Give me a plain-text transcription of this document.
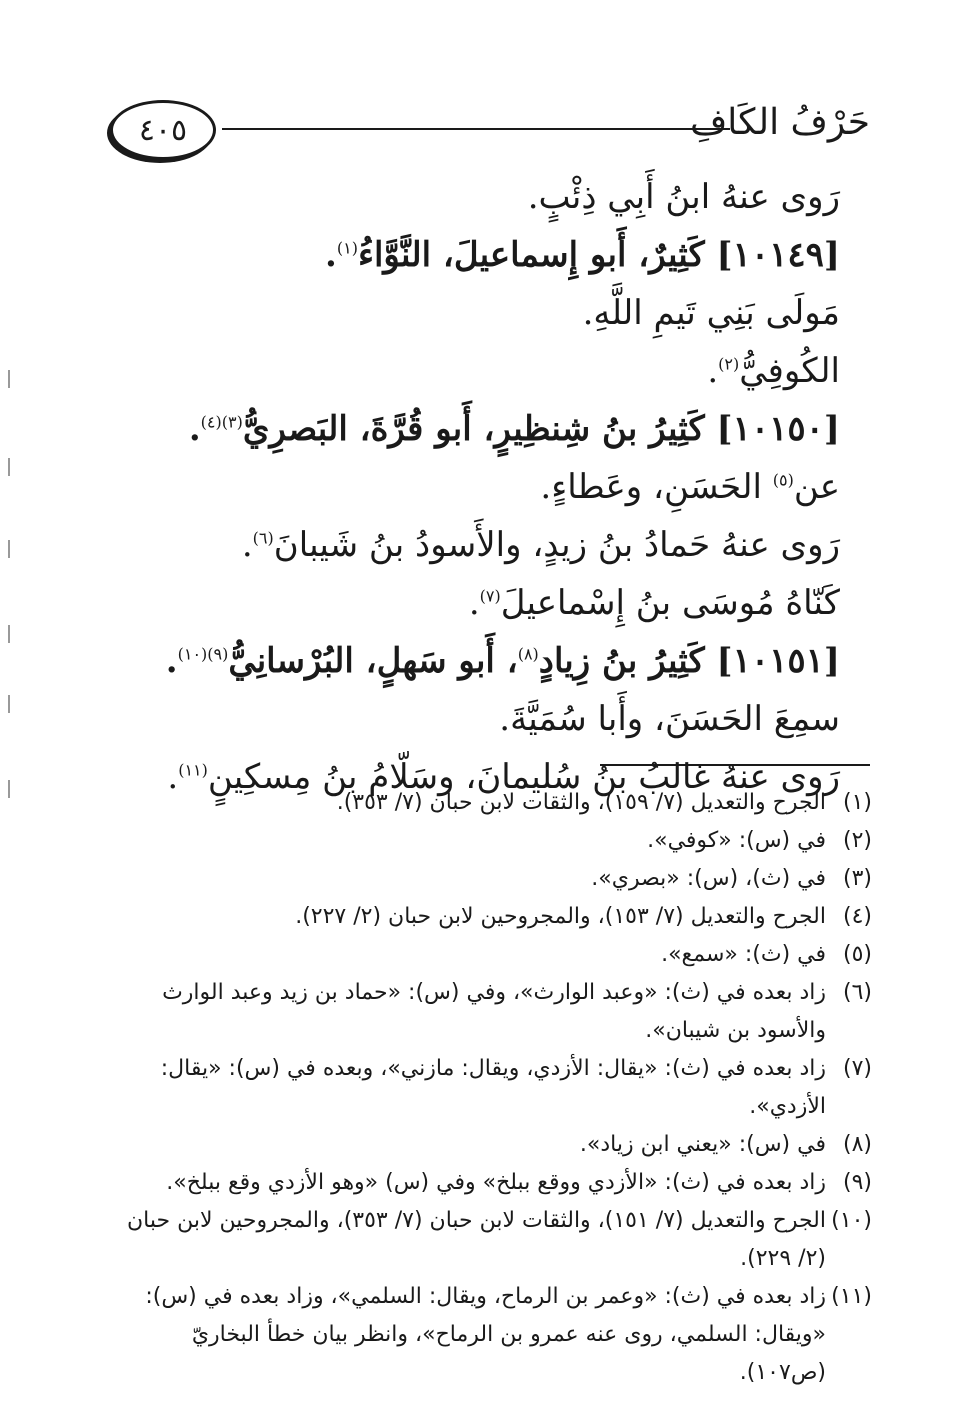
٤٠٥	حَرْفُ الكَافِ
رَوى عنهُ ابنُ أَبِي ذِئْبٍ.
[١٠١٤٩] كَثِيرٌ، أَبو إِسماعيلَ، النَّوَّاءُ$^{(١)}$.
مَولَى بَنِي تَيمِ اللَّهِ.
الكُوفِيُّ$^{(٢)}$.
[١٠١٥٠] كَثِيرُ بنُ شِنظِيرٍ، أَبو قُرَّةَ، البَصرِيُّ$^{(٣)(٤)}$.
عن$^{(٥)}$ الحَسَنِ، وعَطاءٍ.
رَوى عنهُ حَمادُ بنُ زيدٍ، والأَسودُ بنُ شَيبانَ$^{(٦)}$.
كَنّاهُ مُوسَى بنُ إِسْماعيلَ$^{(٧)}$.
[١٠١٥١] كَثِيرُ بنُ زِيادٍ$^{(٨)}$، أَبو سَهلٍ، البُرْسانِيُّ$^{(٩)(١٠)}$.
سمِعَ الحَسَنَ، وأَبا سُمَيَّةَ.
رَوى عنهُ غالبُ بنُ سُليمانَ، وسَلّامُ بنُ مِسكِينٍ$^{(١١)}$.
(١)
الجرح والتعديل (٧/ ١٥٩)، والثقات لابن حبان (٧/ ٣٥٣).
(٢)
في (س): «كوفي».
(٣)
في (ث)، (س): «بصري».
(٤)
الجرح والتعديل (٧/ ١٥٣)، والمجروحين لابن حبان (٢/ ٢٢٧).
(٥)
في (ث): «سمع».
(٦)
زاد بعده في (ث): «وعبد الوارث»، وفي (س): «حماد بن زيد وعبد الوارث والأسود بن شيبان».
(٧)
زاد بعده في (ث): «يقال: الأزدي، ويقال: مازني»، وبعده في (س): «يقال: الأزدي».
(٨)
في (س): «يعني ابن زياد».
(٩)
زاد بعده في (ث): «الأزدي ووقع ببلخ» وفي (س) «وهو الأزدي وقع ببلخ».
(١٠)
الجرح والتعديل (٧/ ١٥١)، والثقات لابن حبان (٧/ ٣٥٣)، والمجروحين لابن حبان (٢/ ٢٢٩).
(١١)
زاد بعده في (ث): «وعمر بن الرماح، ويقال: السلمي»، وزاد بعده في (س): «ويقال: السلمي، روى عنه عمرو بن الرماح»، وانظر بيان خطأ البخاريّ (ص١٠٧).
